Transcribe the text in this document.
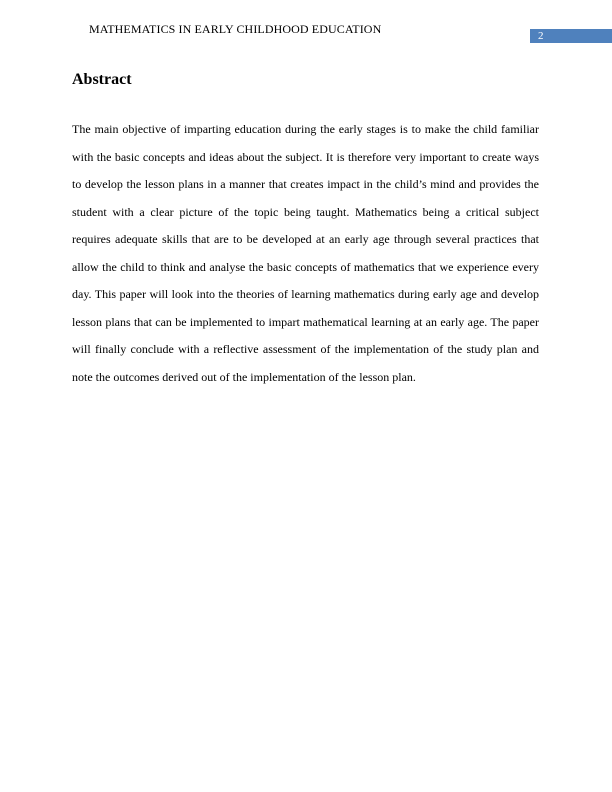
MATHEMATICS IN EARLY CHILDHOOD EDUCATION	2
Abstract

The main objective of imparting education during the early stages is to make the child familiar with the basic concepts and ideas about the subject. It is therefore very important to create ways to develop the lesson plans in a manner that creates impact in the child’s mind and provides the student with a clear picture of the topic being taught. Mathematics being a critical subject requires adequate skills that are to be developed at an early age through several practices that allow the child to think and analyse the basic concepts of mathematics that we experience every day. This paper will look into the theories of learning mathematics during early age and develop lesson plans that can be implemented to impart mathematical learning at an early age. The paper will finally conclude with a reflective assessment of the implementation of the study plan and note the outcomes derived out of the implementation of the lesson plan.
